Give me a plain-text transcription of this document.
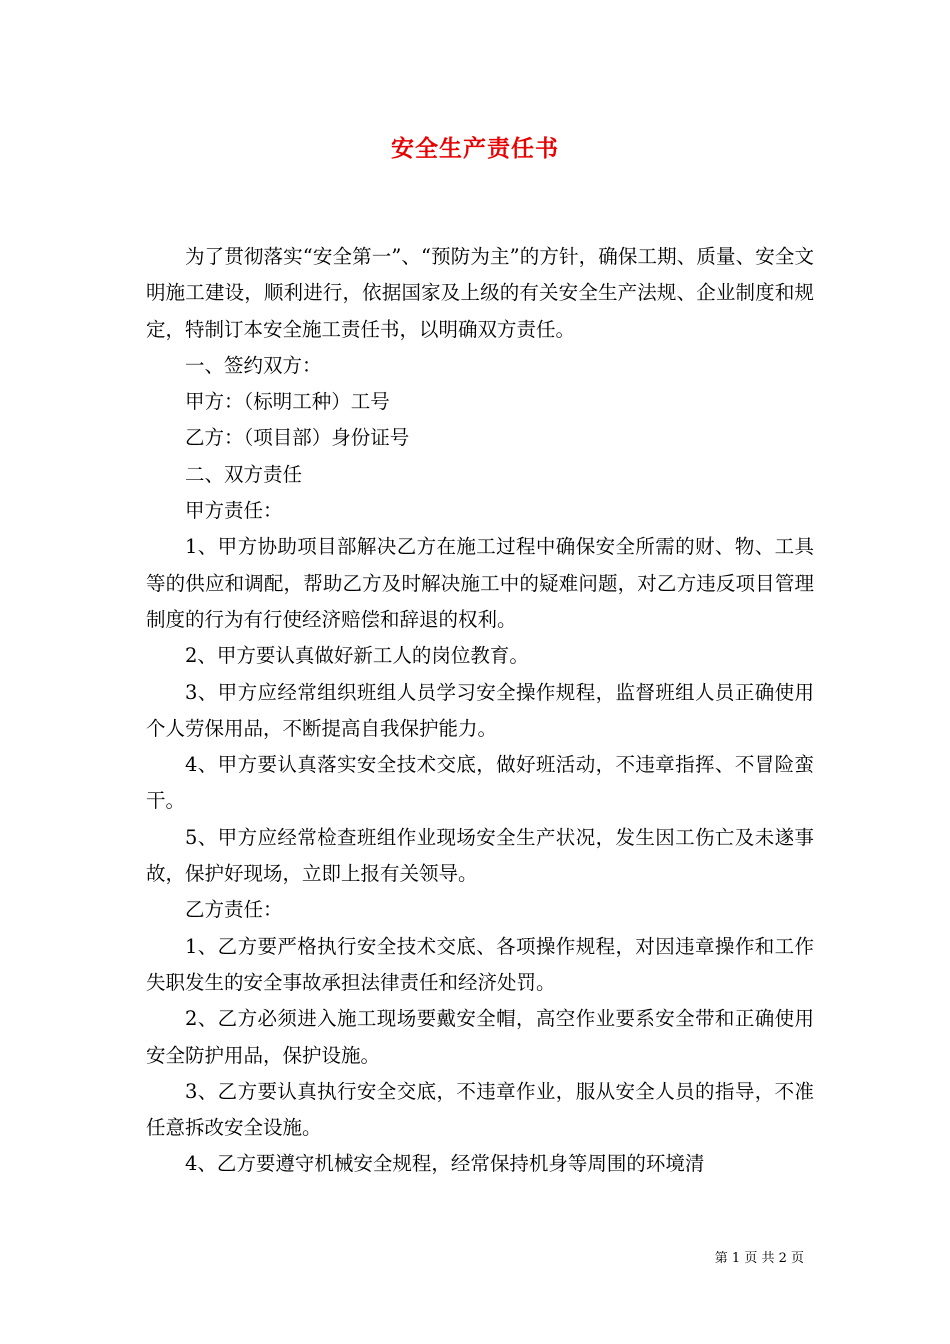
安全生产责任书

为了贯彻落实“安全第一”、“预防为主”的方针，确保工期、质量、安全文明施工建设，顺利进行，依据国家及上级的有关安全生产法规、企业制度和规定，特制订本安全施工责任书，以明确双方责任。

一、签约双方：

甲方：（标明工种）工号

乙方：（项目部）身份证号

二、双方责任

甲方责任：

1、甲方协助项目部解决乙方在施工过程中确保安全所需的财、物、工具等的供应和调配，帮助乙方及时解决施工中的疑难问题，对乙方违反项目管理制度的行为有行使经济赔偿和辞退的权利。

2、甲方要认真做好新工人的岗位教育。

3、甲方应经常组织班组人员学习安全操作规程，监督班组人员正确使用个人劳保用品，不断提高自我保护能力。

4、甲方要认真落实安全技术交底，做好班活动，不违章指挥、不冒险蛮干。

5、甲方应经常检查班组作业现场安全生产状况，发生因工伤亡及未遂事故，保护好现场，立即上报有关领导。

乙方责任：

1、乙方要严格执行安全技术交底、各项操作规程，对因违章操作和工作失职发生的安全事故承担法律责任和经济处罚。

2、乙方必须进入施工现场要戴安全帽，高空作业要系安全带和正确使用安全防护用品，保护设施。

3、乙方要认真执行安全交底，不违章作业，服从安全人员的指导，不准任意拆改安全设施。

4、乙方要遵守机械安全规程，经常保持机身等周围的环境清

第 1 页 共 2 页
